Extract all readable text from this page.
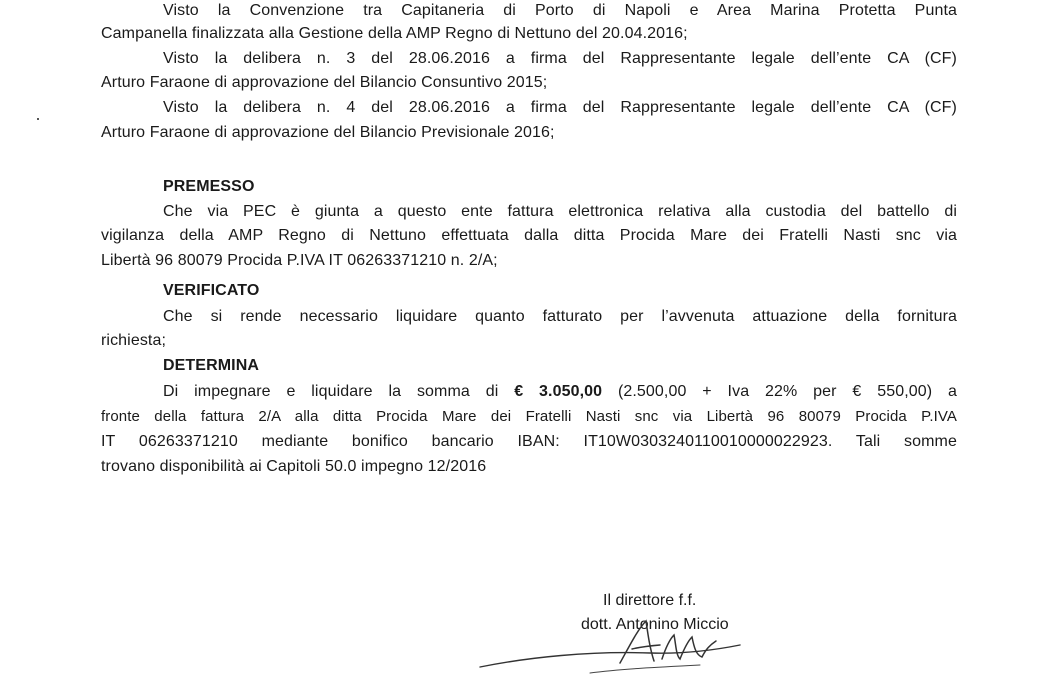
Visto la Convenzione tra Capitaneria di Porto di Napoli e Area Marina Protetta Punta
Campanella finalizzata alla Gestione della AMP Regno di Nettuno del 20.04.2016;
Visto la delibera n. 3 del 28.06.2016 a firma del Rappresentante legale dell’ente CA (CF)
Arturo Faraone di approvazione del Bilancio Consuntivo 2015;
Visto la delibera n. 4 del 28.06.2016 a firma del Rappresentante legale dell’ente CA (CF)
Arturo Faraone di approvazione del Bilancio Previsionale 2016;
PREMESSO
Che via PEC è giunta a questo ente fattura elettronica relativa alla custodia del battello di
vigilanza della AMP Regno di Nettuno effettuata dalla ditta Procida Mare dei Fratelli Nasti snc via
Libertà 96 80079 Procida P.IVA IT 06263371210 n. 2/A;
VERIFICATO
Che si rende necessario liquidare quanto fatturato per l’avvenuta attuazione della fornitura
richiesta;
DETERMINA
Di impegnare e liquidare la somma di € 3.050,00 (2.500,00 + Iva 22% per € 550,00) a
fronte della fattura 2/A alla ditta Procida Mare dei Fratelli Nasti snc via Libertà 96 80079 Procida P.IVA
IT 06263371210 mediante bonifico bancario IBAN: IT10W0303240110010000022923. Tali somme
trovano disponibilità ai Capitoli 50.0 impegno 12/2016
Il direttore f.f.
dott. Antonino Miccio
